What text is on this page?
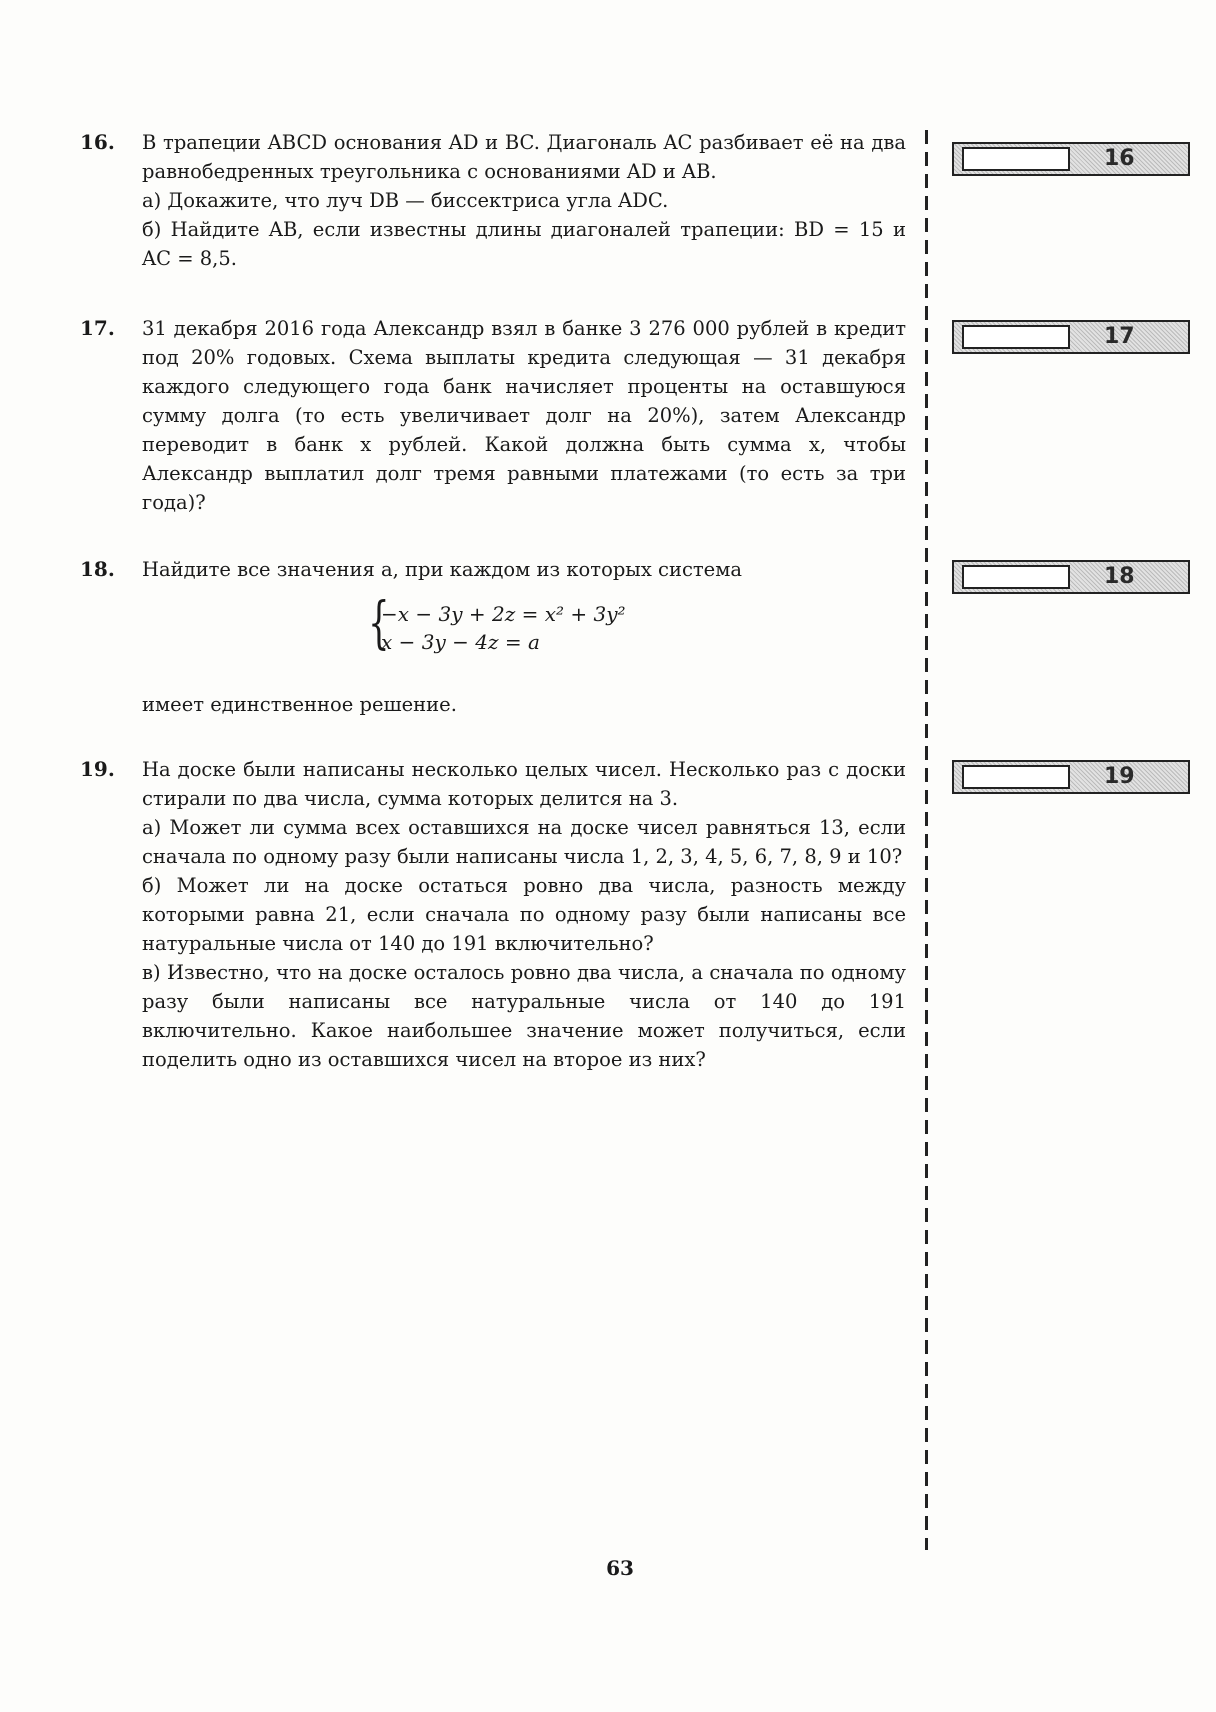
16. В трапеции ABCD основания AD и BC. Диагональ AC разбивает её на два равнобедренных треугольника с основаниями AD и AB.

а) Докажите, что луч DB — биссектриса угла ADC.

б) Найдите AB, если известны длины диагоналей трапеции: BD = 15 и AC = 8,5.

17. 31 декабря 2016 года Александр взял в банке 3 276 000 рублей в кредит под 20% годовых. Схема выплаты кредита следующая — 31 декабря каждого следующего года банк начисляет проценты на оставшуюся сумму долга (то есть увеличивает долг на 20%), затем Александр переводит в банк x рублей. Какой должна быть сумма x, чтобы Александр выплатил долг тремя равными платежами (то есть за три года)?

18. Найдите все значения a, при каждом из которых система

{
−x − 3y + 2z = x² + 3y²
x − 3y − 4z = a
имеет единственное решение.
19. На доске были написаны несколько целых чисел. Несколько раз с доски стирали по два числа, сумма которых делится на 3.

а) Может ли сумма всех оставшихся на доске чисел равняться 13, если сначала по одному разу были написаны числа 1, 2, 3, 4, 5, 6, 7, 8, 9 и 10?

б) Может ли на доске остаться ровно два числа, разность между которыми равна 21, если сначала по одному разу были написаны все натуральные числа от 140 до 191 включительно?

в) Известно, что на доске осталось ровно два числа, а сначала по одному разу были написаны все натуральные числа от 140 до 191 включительно. Какое наибольшее значение может получиться, если поделить одно из оставшихся чисел на второе из них?

16
17
18
19
63
